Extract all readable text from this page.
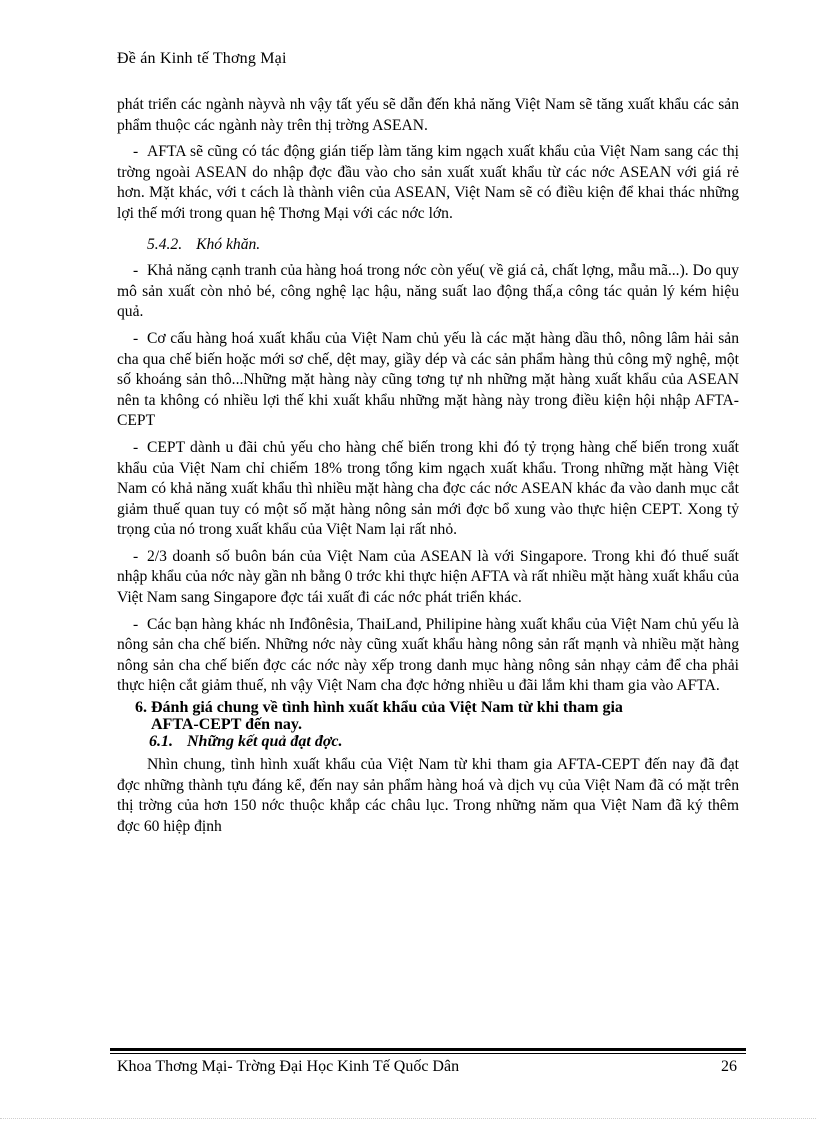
Đề án Kinh tế Thơng Mại

phát triển các ngành nàyvà nh vậy tất yếu sẽ dẫn đến khả năng Việt Nam sẽ tăng xuất khẩu các sản phẩm thuộc các ngành này trên thị trờng ASEAN.

- AFTA sẽ cũng có tác động gián tiếp làm tăng kim ngạch xuất khẩu của Việt Nam sang các thị trờng ngoài ASEAN do nhập đợc đầu vào cho sản xuất xuất khẩu từ các nớc ASEAN với giá rẻ hơn. Mặt khác, với t cách là thành viên của ASEAN, Việt Nam sẽ có điều kiện để khai thác những lợi thế mới trong quan hệ Thơng Mại với các nớc lớn.

5.4.2. Khó khăn.

- Khả năng cạnh tranh của hàng hoá trong nớc còn yếu( về giá cả, chất lợng, mẫu mã...). Do quy mô sản xuất còn nhỏ bé, công nghệ lạc hậu, năng suất lao động thấ,a công tác quản lý kém hiệu quả.

- Cơ cấu hàng hoá xuất khẩu của Việt Nam chủ yếu là các mặt hàng dầu thô, nông lâm hải sản cha qua chế biến hoặc mới sơ chế, dệt may, giầy dép và các sản phẩm hàng thủ công mỹ nghệ, một số khoáng sản thô...Những mặt hàng này cũng tơng tự nh những mặt hàng xuất khẩu của ASEAN nên ta không có nhiều lợi thế khi xuất khẩu những mặt hàng này trong điều kiện hội nhập AFTA- CEPT

- CEPT dành u đãi chủ yếu cho hàng chế biến trong khi đó tỷ trọng hàng chế biến trong xuất khẩu của Việt Nam chỉ chiếm 18% trong tổng kim ngạch xuất khẩu. Trong những mặt hàng Việt Nam có khả năng xuất khẩu thì nhiều mặt hàng cha đợc các nớc ASEAN khác đa vào danh mục cắt giảm thuế quan tuy có một số mặt hàng nông sản mới đợc bổ xung vào thực hiện CEPT. Xong tỷ trọng của nó trong xuất khẩu của Việt Nam lại rất nhỏ.

- 2/3 doanh số buôn bán của Việt Nam của ASEAN là với Singapore. Trong khi đó thuế suất nhập khẩu của nớc này gần nh bằng 0 trớc khi thực hiện AFTA và rất nhiều mặt hàng xuất khẩu của Việt Nam sang Singapore đợc tái xuất đi các nớc phát triển khác.

- Các bạn hàng khác nh Inđônêsia, ThaiLand, Philipine hàng xuất khẩu của Việt Nam chủ yếu là nông sản cha chế biến. Những nớc này cũng xuất khẩu hàng nông sản rất mạnh và nhiều mặt hàng nông sản cha chế biến đợc các nớc này xếp trong danh mục hàng nông sản nhạy cảm để cha phải thực hiện cắt giảm thuế, nh vậy Việt Nam cha đợc hởng nhiều u đãi lắm khi tham gia vào AFTA.

6. Đánh giá chung về tình hình xuất khẩu của Việt Nam từ khi tham gia
AFTA-CEPT đến nay.
6.1. Những kết quả đạt đợc.

Nhìn chung, tình hình xuất khẩu của Việt Nam từ khi tham gia AFTA-CEPT đến nay đã đạt đợc những thành tựu đáng kể, đến nay sản phẩm hàng hoá và dịch vụ của Việt Nam đã có mặt trên thị trờng của hơn 150 nớc thuộc khắp các châu lục. Trong những năm qua Việt Nam đã ký thêm đợc 60 hiệp định

Khoa Thơng Mại- Trờng Đại Học Kinh Tế Quốc Dân	26
